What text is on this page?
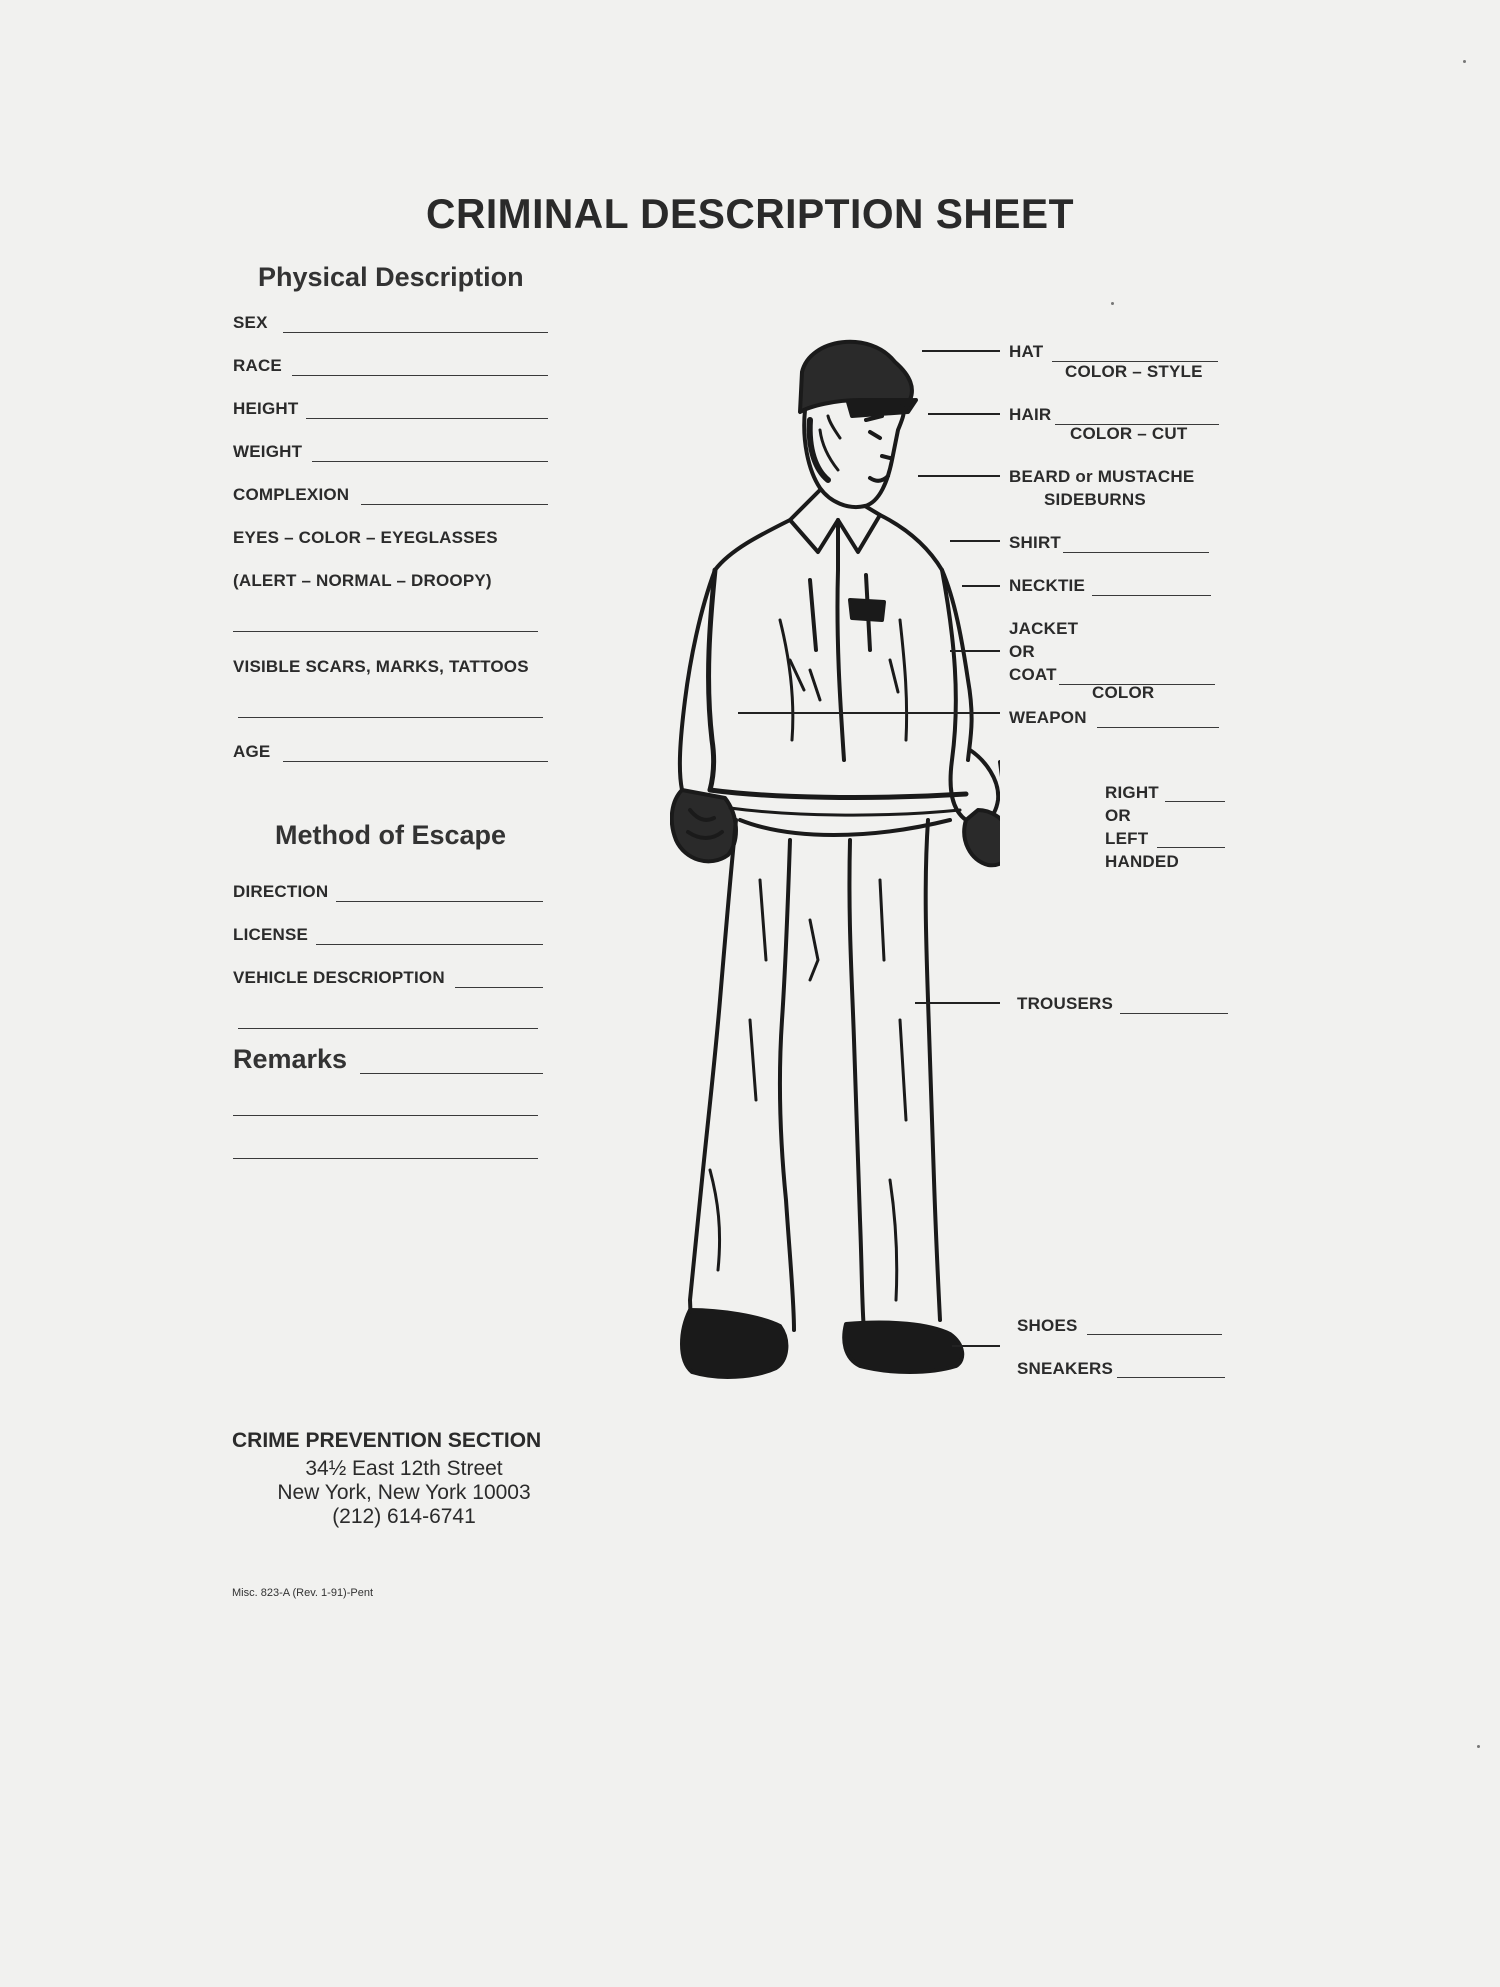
CRIMINAL DESCRIPTION SHEET
Physical Description
SEX
RACE
HEIGHT
WEIGHT
COMPLEXION
EYES – COLOR – EYEGLASSES
(ALERT – NORMAL – DROOPY)
VISIBLE SCARS, MARKS, TATTOOS
AGE
Method of Escape
DIRECTION
LICENSE
VEHICLE DESCRIOPTION
Remarks
HAT
COLOR – STYLE
HAIR
COLOR – CUT
BEARD or MUSTACHE
SIDEBURNS
SHIRT
NECKTIE
JACKET
OR
COAT
COLOR
WEAPON
RIGHT
OR
LEFT
HANDED
TROUSERS
SHOES
SNEAKERS
CRIME PREVENTION SECTION
34½ East 12th Street
New York, New York 10003
(212) 614-6741
Misc. 823-A (Rev. 1-91)-Pent
